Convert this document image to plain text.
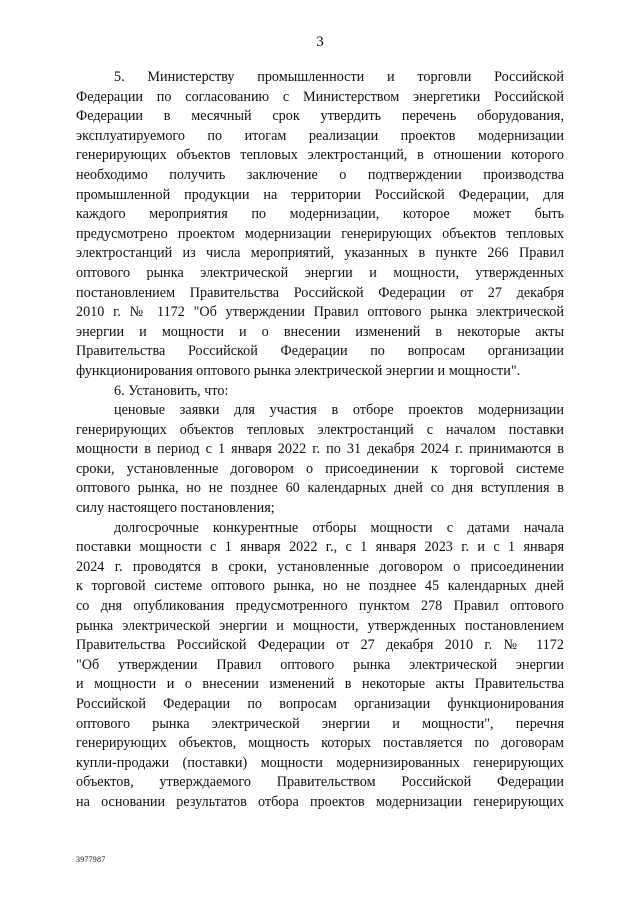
3
5. Министерству промышленности и торговли Российской
Федерации по согласованию с Министерством энергетики Российской
Федерации в месячный срок утвердить перечень оборудования,
эксплуатируемого по итогам реализации проектов модернизации
генерирующих объектов тепловых электростанций, в отношении которого
необходимо получить заключение о подтверждении производства
промышленной продукции на территории Российской Федерации, для
каждого мероприятия по модернизации, которое может быть
предусмотрено проектом модернизации генерирующих объектов тепловых
электростанций из числа мероприятий, указанных в пункте 266 Правил
оптового рынка электрической энергии и мощности, утвержденных
постановлением Правительства Российской Федерации от 27 декабря
2010 г. № 1172 "Об утверждении Правил оптового рынка электрической
энергии и мощности и о внесении изменений в некоторые акты
Правительства Российской Федерации по вопросам организации
функционирования оптового рынка электрической энергии и мощности".
6. Установить, что:
ценовые заявки для участия в отборе проектов модернизации
генерирующих объектов тепловых электростанций с началом поставки
мощности в период с 1 января 2022 г. по 31 декабря 2024 г. принимаются в
сроки, установленные договором о присоединении к торговой системе
оптового рынка, но не позднее 60 календарных дней со дня вступления в
силу настоящего постановления;
долгосрочные конкурентные отборы мощности с датами начала
поставки мощности с 1 января 2022 г., с 1 января 2023 г. и с 1 января
2024 г. проводятся в сроки, установленные договором о присоединении
к торговой системе оптового рынка, но не позднее 45 календарных дней
со дня опубликования предусмотренного пунктом 278 Правил оптового
рынка электрической энергии и мощности, утвержденных постановлением
Правительства Российской Федерации от 27 декабря 2010 г. № 1172
"Об утверждении Правил оптового рынка электрической энергии
и мощности и о внесении изменений в некоторые акты Правительства
Российской Федерации по вопросам организации функционирования
оптового рынка электрической энергии и мощности", перечня
генерирующих объектов, мощность которых поставляется по договорам
купли-продажи (поставки) мощности модернизированных генерирующих
объектов, утверждаемого Правительством Российской Федерации
на основании результатов отбора проектов модернизации генерирующих
3977987
